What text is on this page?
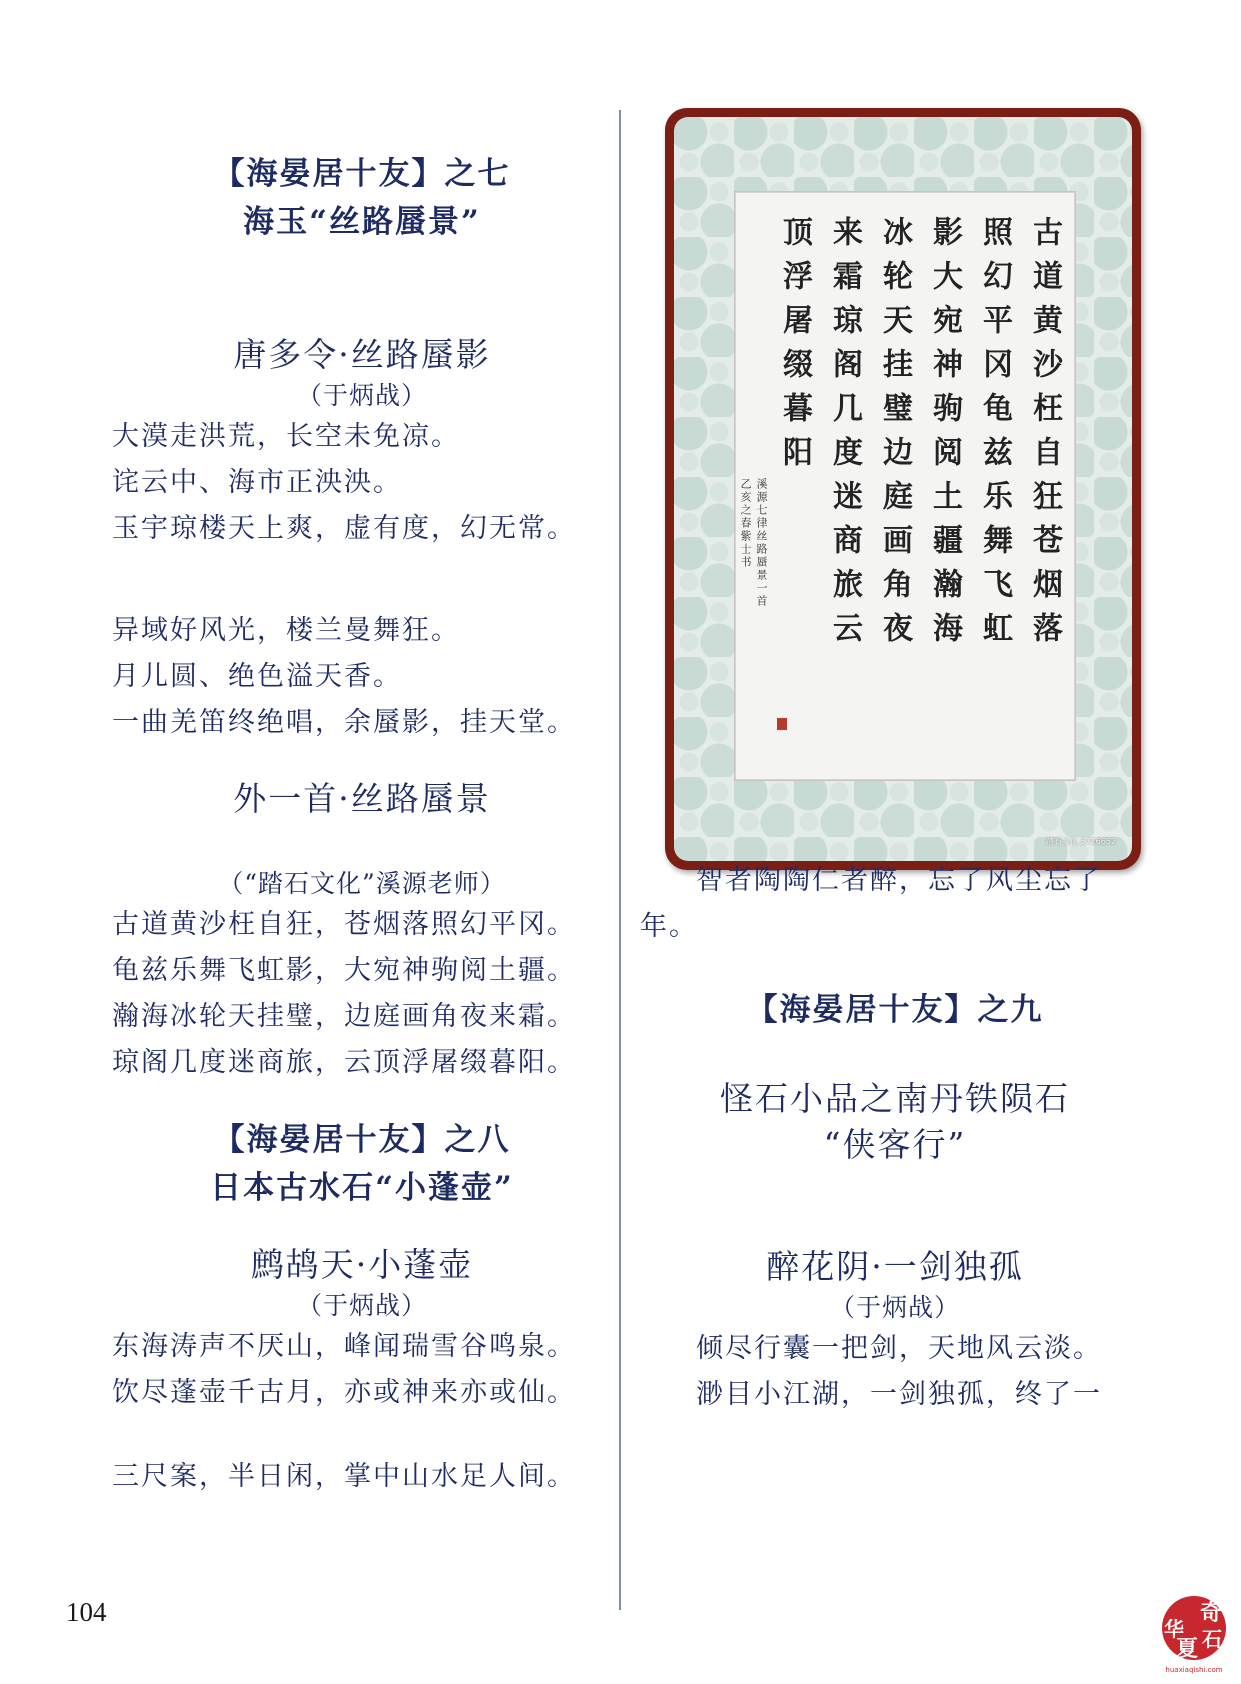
【海晏居十友】之七
海玉“丝路蜃景”
唐多令·丝路蜃影
（于炳战）
大漠走洪荒，长空未免凉。
诧云中、海市正泱泱。
玉宇琼楼天上爽，虚有度，幻无常。
异域好风光，楼兰曼舞狂。
月儿圆、绝色溢天香。
一曲羌笛终绝唱，余蜃影，挂天堂。
外一首·丝路蜃景
（“踏石文化”溪源老师）
古道黄沙枉自狂，苍烟落照幻平冈。
龟兹乐舞飞虹影，大宛神驹阅土疆。
瀚海冰轮天挂璧，边庭画角夜来霜。
琼阁几度迷商旅，云顶浮屠缀暮阳。
【海晏居十友】之八
日本古水石“小蓬壶”
鹧鸪天·小蓬壶
（于炳战）
东海涛声不厌山，峰闻瑞雪谷鸣泉。
饮尽蓬壶千古月，亦或神来亦或仙。
三尺案，半日闲，掌中山水足人间。
104
古道黄沙枉自狂苍烟落
照幻平冈龟兹乐舞飞虹
影大宛神驹阅土疆瀚海
冰轮天挂璧边庭画角夜
来霜琼阁几度迷商旅云
顶浮屠缀暮阳
溪源七律丝路蜃景一首
乙亥之春紫士书
踏石文化 5726652
智者陶陶仁者醉，忘了风尘忘了
年。
【海晏居十友】之九
怪石小品之南丹铁陨石
“侠客行”
醉花阴·一剑独孤
（于炳战）
倾尽行囊一把剑，天地风云淡。
渺目小江湖，一剑独孤，终了一
奇
华 石
夏
huaxiaqishi.com
